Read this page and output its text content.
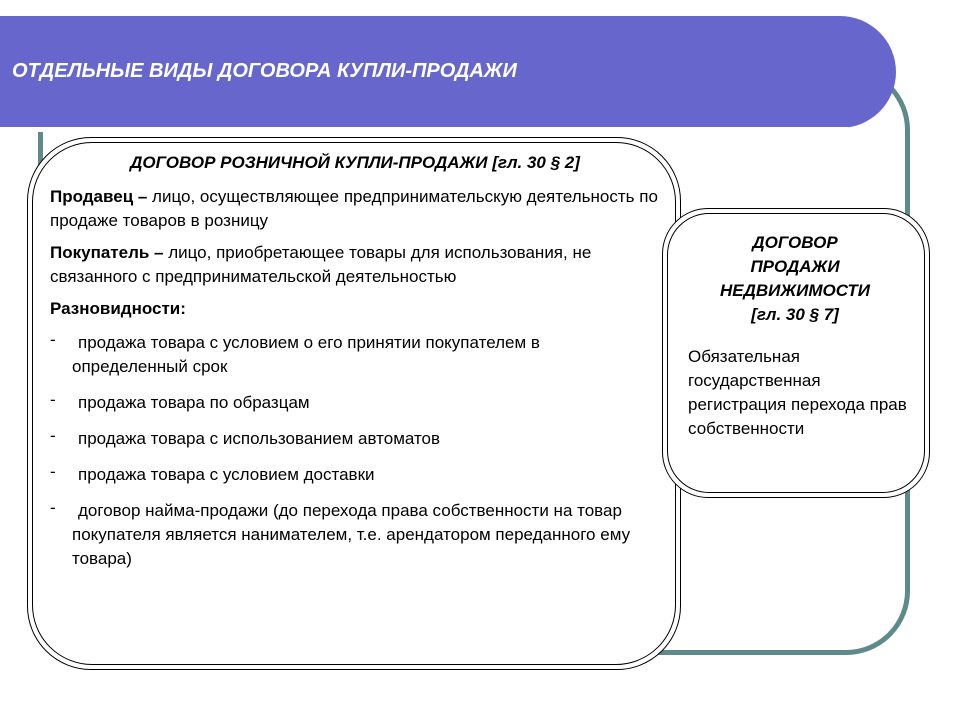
ОТДЕЛЬНЫЕ ВИДЫ ДОГОВОРА КУПЛИ-ПРОДАЖИ
ДОГОВОР РОЗНИЧНОЙ КУПЛИ-ПРОДАЖИ [гл. 30 § 2]

Продавец – лицо, осуществляющее предпринимательскую деятельность по продаже товаров в розницу

Покупатель – лицо, приобретающее товары для использования, не связанного с предпринимательской деятельностью

Разновидности:

-	продажа товара с условием о его принятии покупателем в определенный срок
-	продажа товара по образцам
-	продажа товара с использованием автоматов
-	продажа товара с условием доставки
-	договор найма-продажи (до перехода права собственности на товар покупателя является нанимателем, т.е. арендатором переданного ему товара)
ДОГОВОР
ПРОДАЖИ
НЕДВИЖИМОСТИ
[гл. 30 § 7]
Обязательная государственная регистрация перехода прав собственности
